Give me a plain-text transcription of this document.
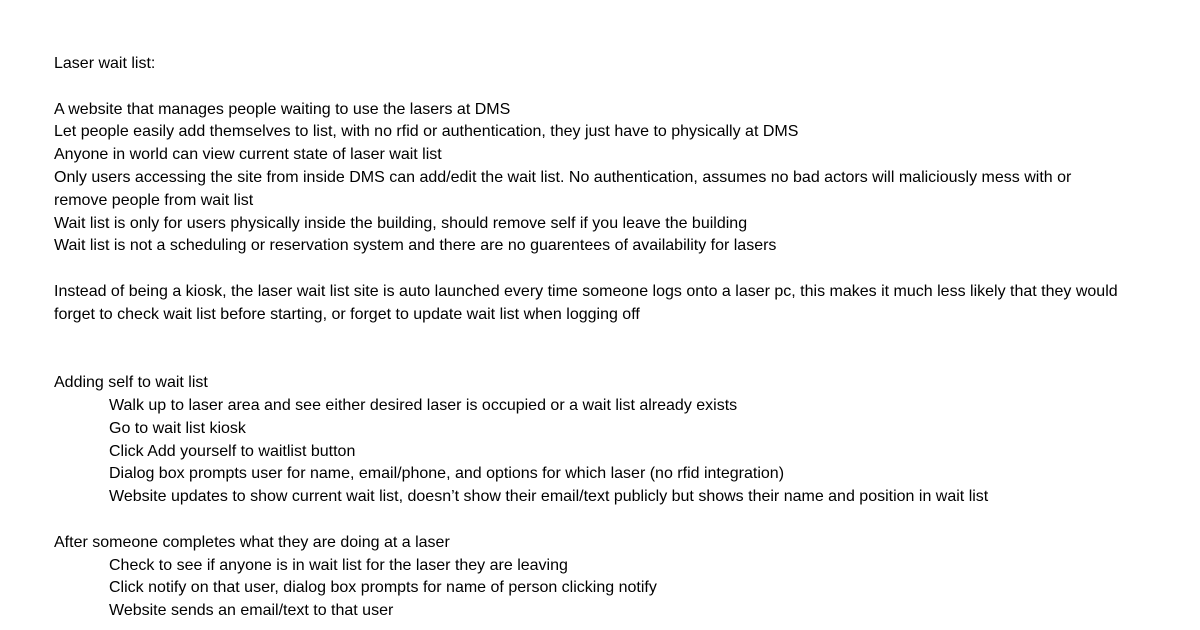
Laser wait list:

A website that manages people waiting to use the lasers at DMS

Let people easily add themselves to list, with no rfid or authentication, they just have to physically at DMS

Anyone in world can view current state of laser wait list

Only users accessing the site from inside DMS can add/edit the wait list. No authentication, assumes no bad actors will maliciously mess with or remove people from wait list

Wait list is only for users physically inside the building, should remove self if you leave the building

Wait list is not a scheduling or reservation system and there are no guarentees of availability for lasers

Instead of being a kiosk, the laser wait list site is auto launched every time someone logs onto a laser pc, this makes it much less likely that they would forget to check wait list before starting, or forget to update wait list when logging off

Adding self to wait list

Walk up to laser area and see either desired laser is occupied or a wait list already exists

Go to wait list kiosk

Click Add yourself to waitlist button

Dialog box prompts user for name, email/phone, and options for which laser (no rfid integration)

Website updates to show current wait list, doesn’t show their email/text publicly but shows their name and position in wait list

After someone completes what they are doing at a laser

Check to see if anyone is in wait list for the laser they are leaving

Click notify on that user, dialog box prompts for name of person clicking notify

Website sends an email/text to that user
